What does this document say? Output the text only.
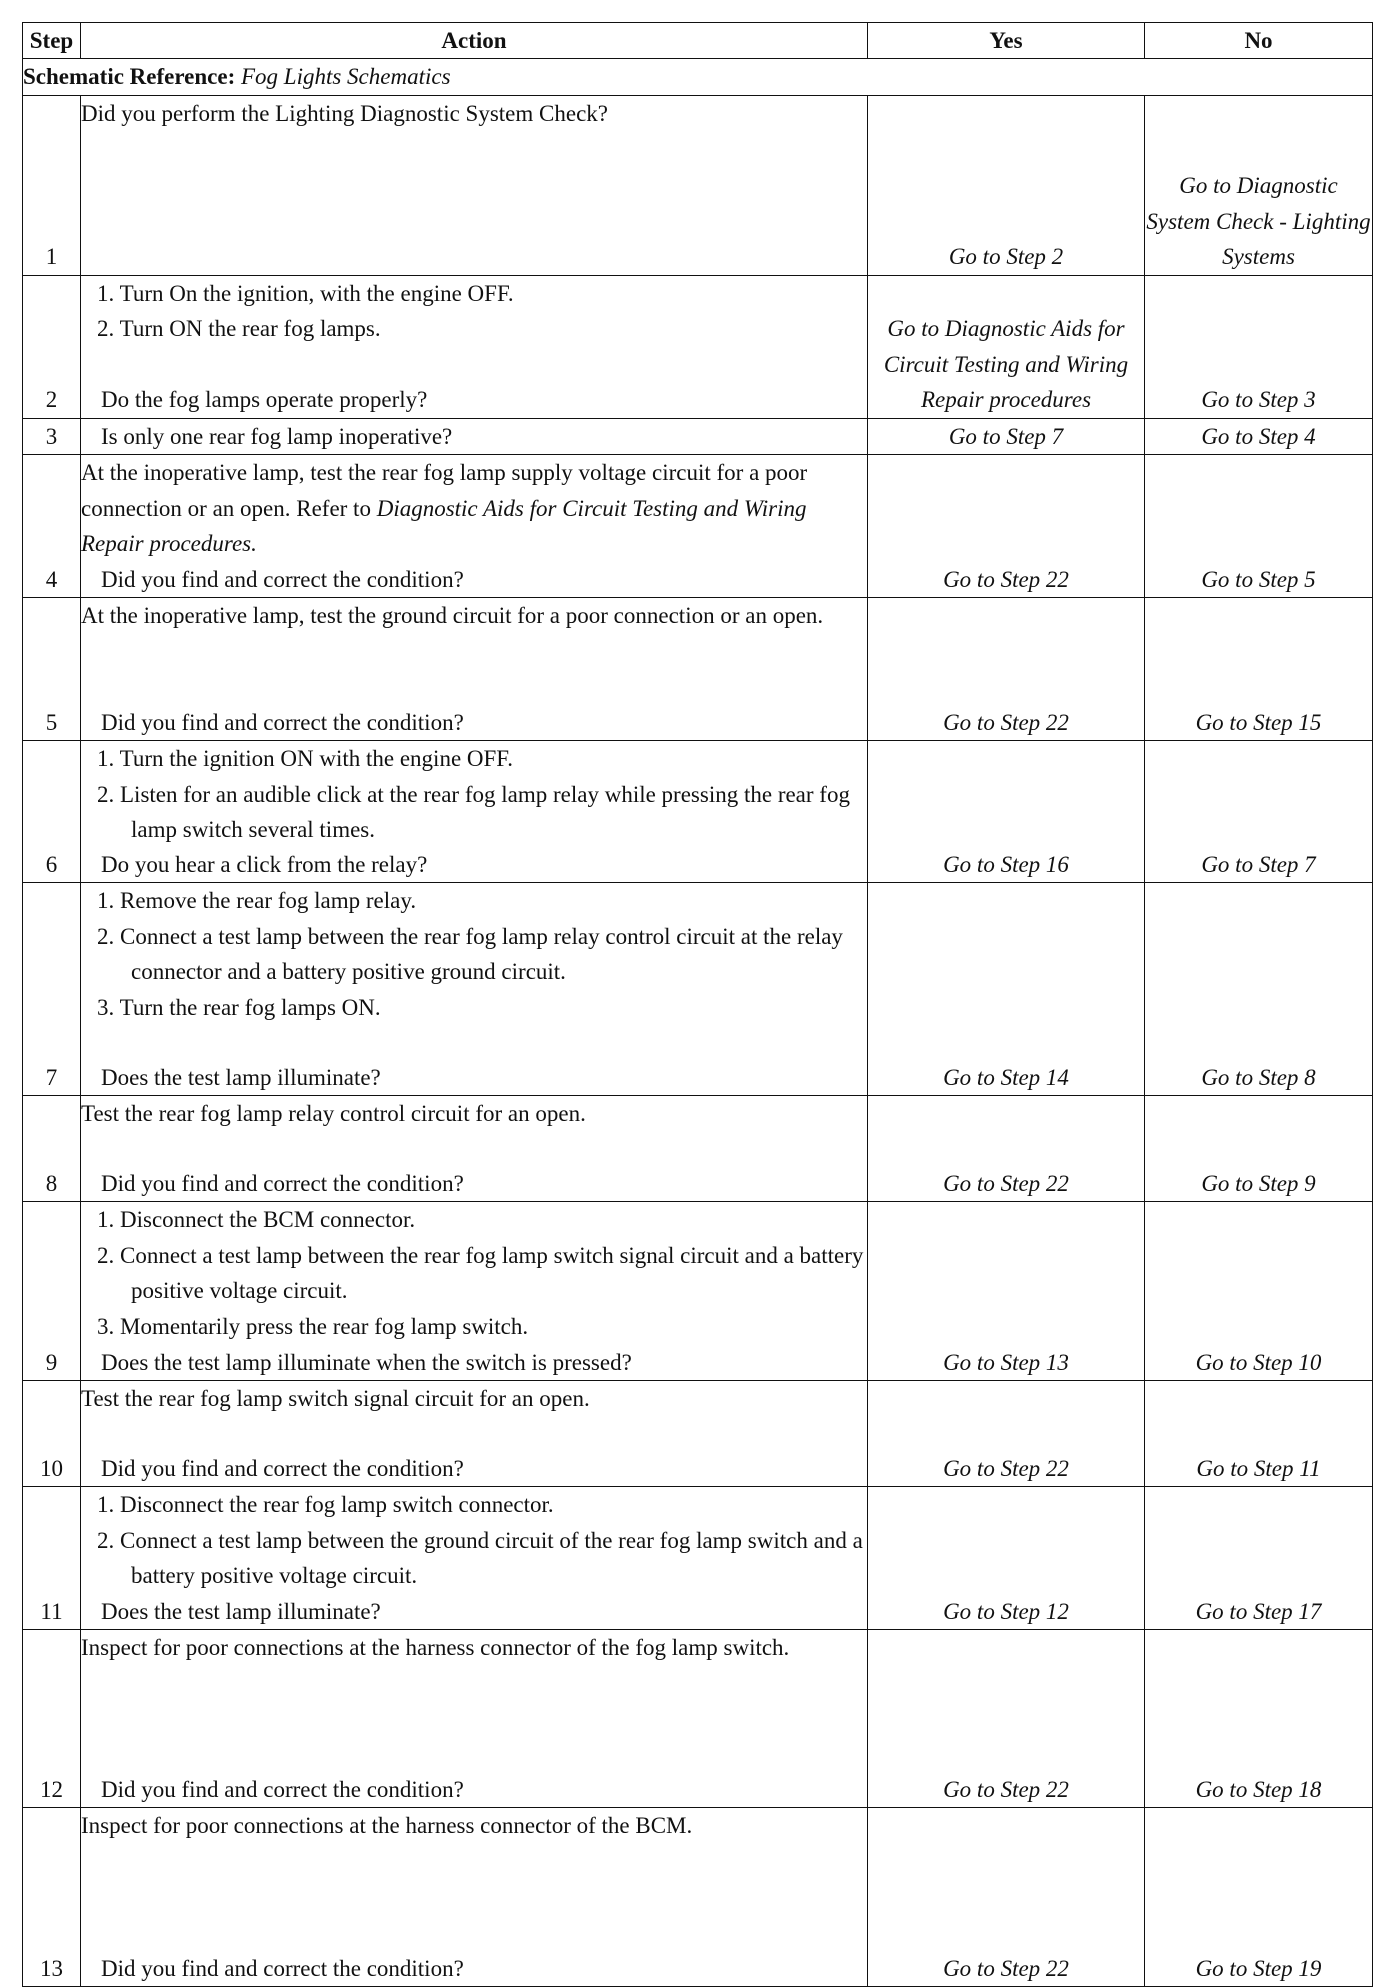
Step	Action	Yes	No
Schematic Reference: Fog Lights Schematics			
1	Did you perform the Lighting Diagnostic System Check?	Go to Step 2	Go to Diagnostic System Check - Lighting Systems
2	1. Turn On the ignition, with the engine OFF.
2. Turn ON the rear fog lamps.
Do the fog lamps operate properly?	Go to Diagnostic Aids for Circuit Testing and Wiring Repair procedures	Go to Step 3
3	Is only one rear fog lamp inoperative?	Go to Step 7	Go to Step 4
4	At the inoperative lamp, test the rear fog lamp supply voltage circuit for a poor connection or an open. Refer to Diagnostic Aids for Circuit Testing and Wiring Repair procedures.
Did you find and correct the condition?	Go to Step 22	Go to Step 5
5	At the inoperative lamp, test the ground circuit for a poor connection or an open.
Did you find and correct the condition?	Go to Step 22	Go to Step 15
6	1. Turn the ignition ON with the engine OFF.
2. Listen for an audible click at the rear fog lamp relay while pressing the rear fog lamp switch several times.
Do you hear a click from the relay?	Go to Step 16	Go to Step 7
7	1. Remove the rear fog lamp relay.
2. Connect a test lamp between the rear fog lamp relay control circuit at the relay connector and a battery positive ground circuit.
3. Turn the rear fog lamps ON.
Does the test lamp illuminate?	Go to Step 14	Go to Step 8
8	Test the rear fog lamp relay control circuit for an open.
Did you find and correct the condition?	Go to Step 22	Go to Step 9
9	1. Disconnect the BCM connector.
2. Connect a test lamp between the rear fog lamp switch signal circuit and a battery positive voltage circuit.
3. Momentarily press the rear fog lamp switch.
Does the test lamp illuminate when the switch is pressed?	Go to Step 13	Go to Step 10
10	Test the rear fog lamp switch signal circuit for an open.
Did you find and correct the condition?	Go to Step 22	Go to Step 11
11	1. Disconnect the rear fog lamp switch connector.
2. Connect a test lamp between the ground circuit of the rear fog lamp switch and a battery positive voltage circuit.
Does the test lamp illuminate?	Go to Step 12	Go to Step 17
12	Inspect for poor connections at the harness connector of the fog lamp switch.
Did you find and correct the condition?	Go to Step 22	Go to Step 18
13	Inspect for poor connections at the harness connector of the BCM.
Did you find and correct the condition?	Go to Step 22	Go to Step 19
